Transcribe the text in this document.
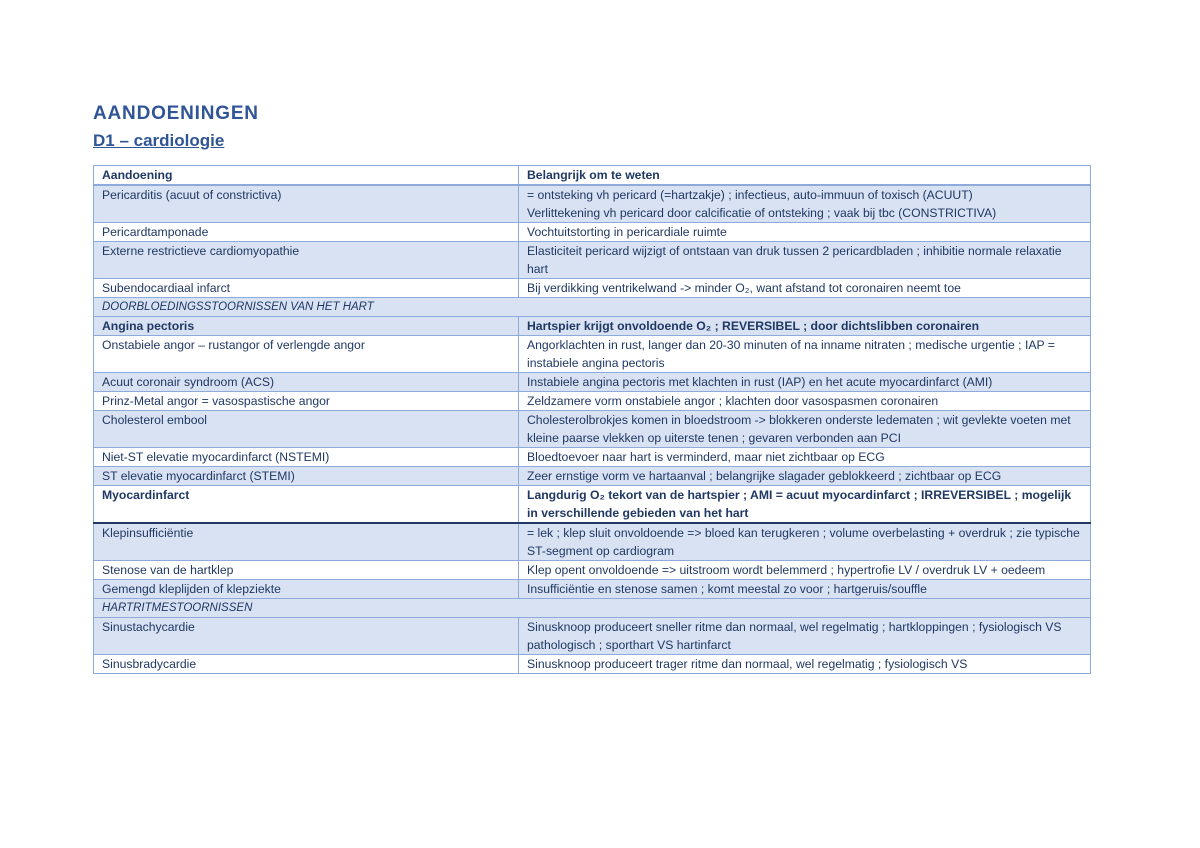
AANDOENINGEN
D1 – cardiologie
Aandoening	Belangrijk om te weten
Pericarditis (acuut of constrictiva)	= ontsteking vh pericard (=hartzakje) ; infectieus, auto-immuun of toxisch (ACUUT)
Verlittekening vh pericard door calcificatie of ontsteking ; vaak bij tbc (CONSTRICTIVA)
Pericardtamponade	Vochtuitstorting in pericardiale ruimte
Externe restrictieve cardiomyopathie	Elasticiteit pericard wijzigt of ontstaan van druk tussen 2 pericardbladen ; inhibitie normale relaxatie hart
Subendocardiaal infarct	Bij verdikking ventrikelwand -> minder O₂, want afstand tot coronairen neemt toe
DOORBLOEDINGSSTOORNISSEN VAN HET HART	
Angina pectoris	Hartspier krijgt onvoldoende O₂ ; REVERSIBEL ; door dichtslibben coronairen
Onstabiele angor – rustangor of verlengde angor	Angorklachten in rust, langer dan 20-30 minuten of na inname nitraten ; medische urgentie ; IAP = instabiele angina pectoris
Acuut coronair syndroom (ACS)	Instabiele angina pectoris met klachten in rust (IAP) en het acute myocardinfarct (AMI)
Prinz-Metal angor = vasospastische angor	Zeldzamere vorm onstabiele angor ; klachten door vasospasmen coronairen
Cholesterol embool	Cholesterolbrokjes komen in bloedstroom -> blokkeren onderste ledematen ; wit gevlekte voeten met kleine paarse vlekken op uiterste tenen ; gevaren verbonden aan PCI
Niet-ST elevatie myocardinfarct (NSTEMI)	Bloedtoevoer naar hart is verminderd, maar niet zichtbaar op ECG
ST elevatie myocardinfarct (STEMI)	Zeer ernstige vorm ve hartaanval ; belangrijke slagader geblokkeerd ; zichtbaar op ECG
Myocardinfarct	Langdurig O₂ tekort van de hartspier ; AMI = acuut myocardinfarct ; IRREVERSIBEL ; mogelijk in verschillende gebieden van het hart
Klepinsufficiëntie	= lek ; klep sluit onvoldoende => bloed kan terugkeren ; volume overbelasting + overdruk ; zie typische ST-segment op cardiogram
Stenose van de hartklep	Klep opent onvoldoende => uitstroom wordt belemmerd ; hypertrofie LV / overdruk LV + oedeem
Gemengd kleplijden of klepziekte	Insufficiëntie en stenose samen ; komt meestal zo voor ; hartgeruis/souffle
HARTRITMESTOORNISSEN	
Sinustachycardie	Sinusknoop produceert sneller ritme dan normaal, wel regelmatig ; hartkloppingen ; fysiologisch VS pathologisch ; sporthart VS hartinfarct
Sinusbradycardie	Sinusknoop produceert trager ritme dan normaal, wel regelmatig ; fysiologisch VS
